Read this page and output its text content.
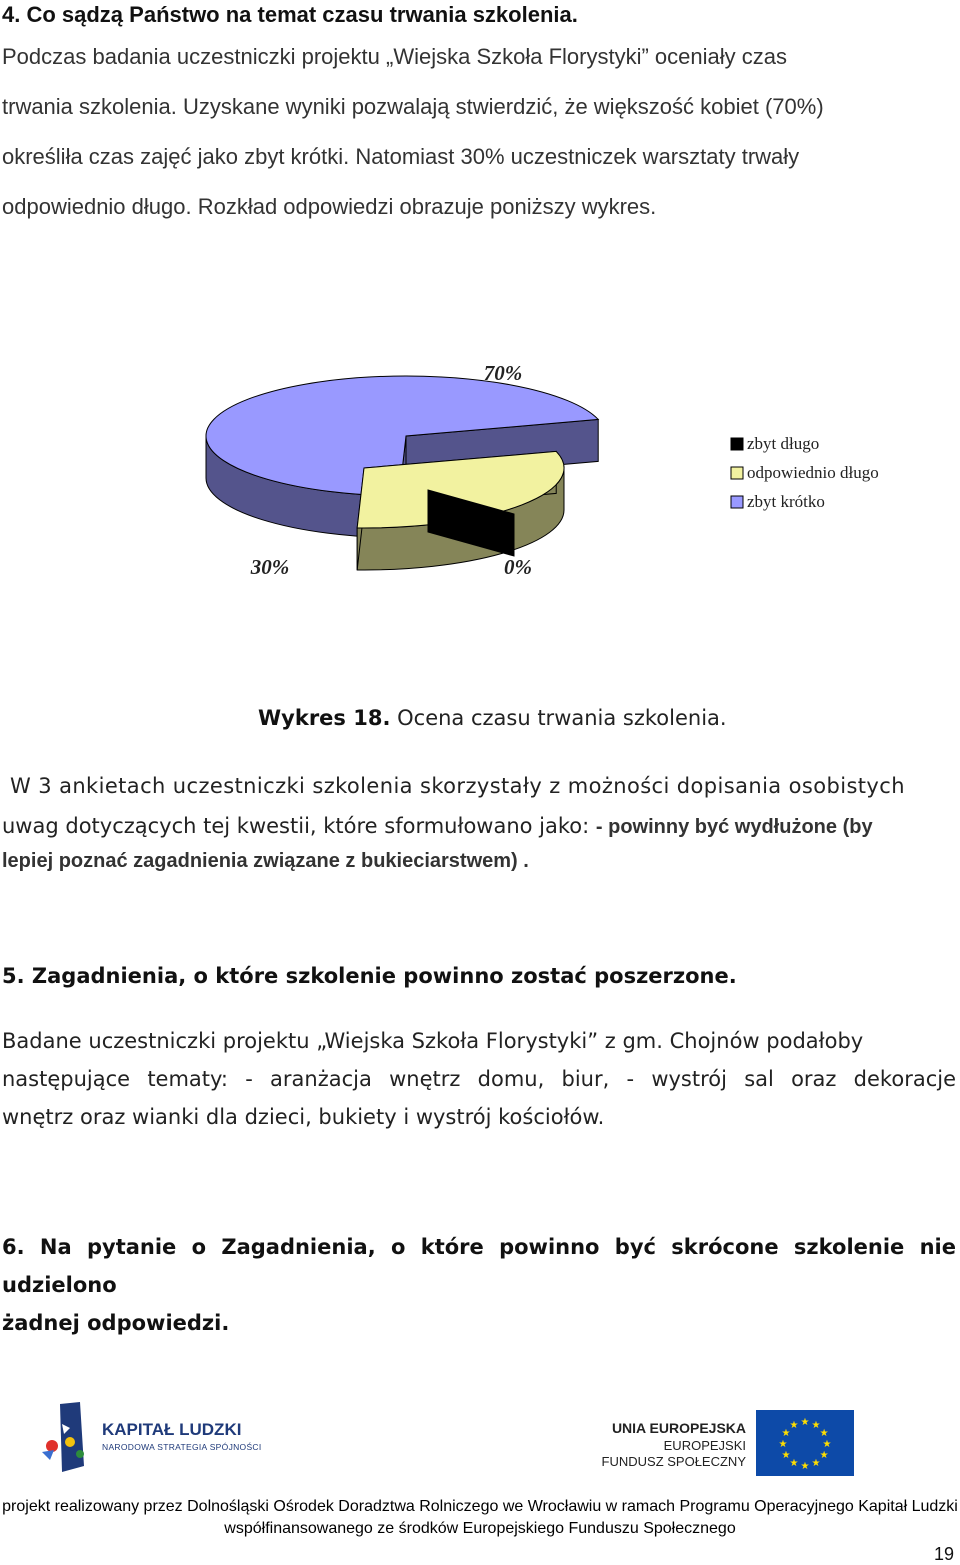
4. Co sądzą Państwo na temat czasu trwania szkolenia.
Podczas badania uczestniczki projektu „Wiejska Szkoła Florystyki” oceniały czas
trwania szkolenia. Uzyskane wyniki pozwalają stwierdzić, że większość kobiet (70%)
określiła czas zajęć jako zbyt krótki. Natomiast 30% uczestniczek warsztaty trwały
odpowiednio długo. Rozkład odpowiedzi obrazuje poniższy wykres.
zbyt długo
odpowiednio długo
zbyt krótko
0%
30%
70%
Wykres 18. Ocena czasu trwania szkolenia.
W 3 ankietach uczestniczki szkolenia skorzystały z możności dopisania osobistych
uwag dotyczących tej kwestii, które sformułowano jako: - powinny być wydłużone (by
lepiej poznać zagadnienia związane z bukieciarstwem) .
5. Zagadnienia, o które szkolenie powinno zostać poszerzone.
Badane uczestniczki projektu „Wiejska Szkoła Florystyki” z gm. Chojnów podałoby
następujące tematy: - aranżacja wnętrz domu, biur, - wystrój sal oraz dekoracje
wnętrz oraz wianki dla dzieci, bukiety i wystrój kościołów.
6. Na pytanie o Zagadnienia, o które powinno być skrócone szkolenie nie udzielono
żadnej odpowiedzi.
KAPITAŁ LUDZKI
NARODOWA STRATEGIA SPÓJNOŚCI
UNIA EUROPEJSKA
EUROPEJSKI
FUNDUSZ SPOŁECZNY
★
★
★
★
★
★
★
★
★ ★ ★
★
projekt realizowany przez Dolnośląski Ośrodek Doradztwa Rolniczego we Wrocławiu w ramach Programu Operacyjnego Kapitał Ludzki
współfinansowanego ze środków Europejskiego Funduszu Społecznego
19
